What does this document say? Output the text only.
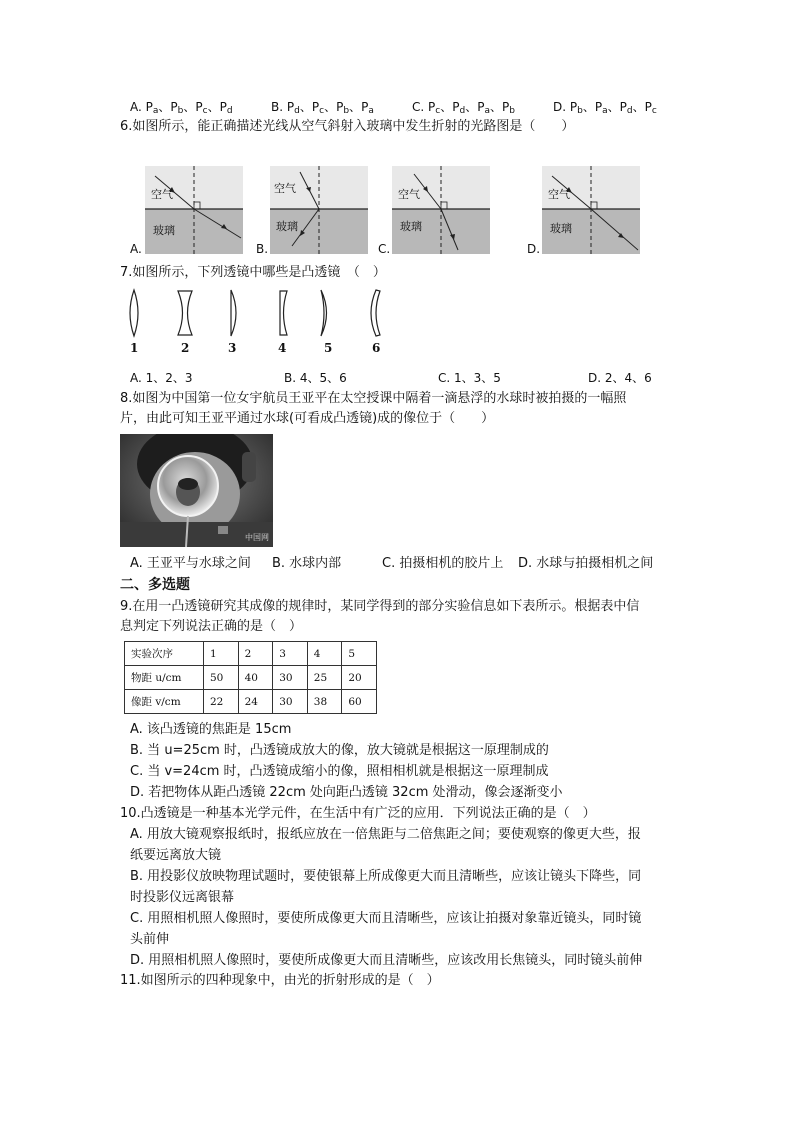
A. $P_a$、$P_b$、$P_c$、$P_d$	B. $P_d$、$P_c$、$P_b$、$P_a$	C. $P_c$、$P_d$、$P_a$、$P_b$	D. $P_b$、$P_a$、$P_d$、$P_c$
6.如图所示，能正确描述光线从空气斜射入玻璃中发生折射的光路图是（　　）
空气
玻璃
A.
空气
玻璃
B.
空气
玻璃
C.
空气
玻璃
D.
7.如图所示，下列透镜中哪些是凸透镜　（　）
1	2	3	4	5	6
A. 1、2、3	B. 4、5、6	C. 1、3、5	D. 2、4、6
8.如图为中国第一位女宇航员王亚平在太空授课中隔着一滴悬浮的水球时被拍摄的一幅照
片，由此可知王亚平通过水球(可看成凸透镜)成的像位于（　　）
中国网
A. 王亚平与水球之间 B. 水球内部	C. 拍摄相机的胶片上 D. 水球与拍摄相机之间
二、多选题
9.在用一凸透镜研究其成像的规律时，某同学得到的部分实验信息如下表所示。根据表中信
息判定下列说法正确的是（　）
实验次序	1	2	3	4	5
物距 u/cm	50	40	30	25	20
像距 v/cm	22	24	30	38	60
A. 该凸透镜的焦距是 15cm
B. 当 u=25cm 时，凸透镜成放大的像，放大镜就是根据这一原理制成的
C. 当 v=24cm 时，凸透镜成缩小的像，照相相机就是根据这一原理制成
D. 若把物体从距凸透镜 22cm 处向距凸透镜 32cm 处滑动，像会逐渐变小
10.凸透镜是一种基本光学元件，在生活中有广泛的应用．下列说法正确的是（　）
A. 用放大镜观察报纸时，报纸应放在一倍焦距与二倍焦距之间；要使观察的像更大些，报
纸要远离放大镜
B. 用投影仪放映物理试题时，要使银幕上所成像更大而且清晰些，应该让镜头下降些，同
时投影仪远离银幕
C. 用照相机照人像照时，要使所成像更大而且清晰些，应该让拍摄对象靠近镜头，同时镜
头前伸
D. 用照相机照人像照时，要使所成像更大而且清晰些，应该改用长焦镜头，同时镜头前伸
11.如图所示的四种现象中，由光的折射形成的是（　）
